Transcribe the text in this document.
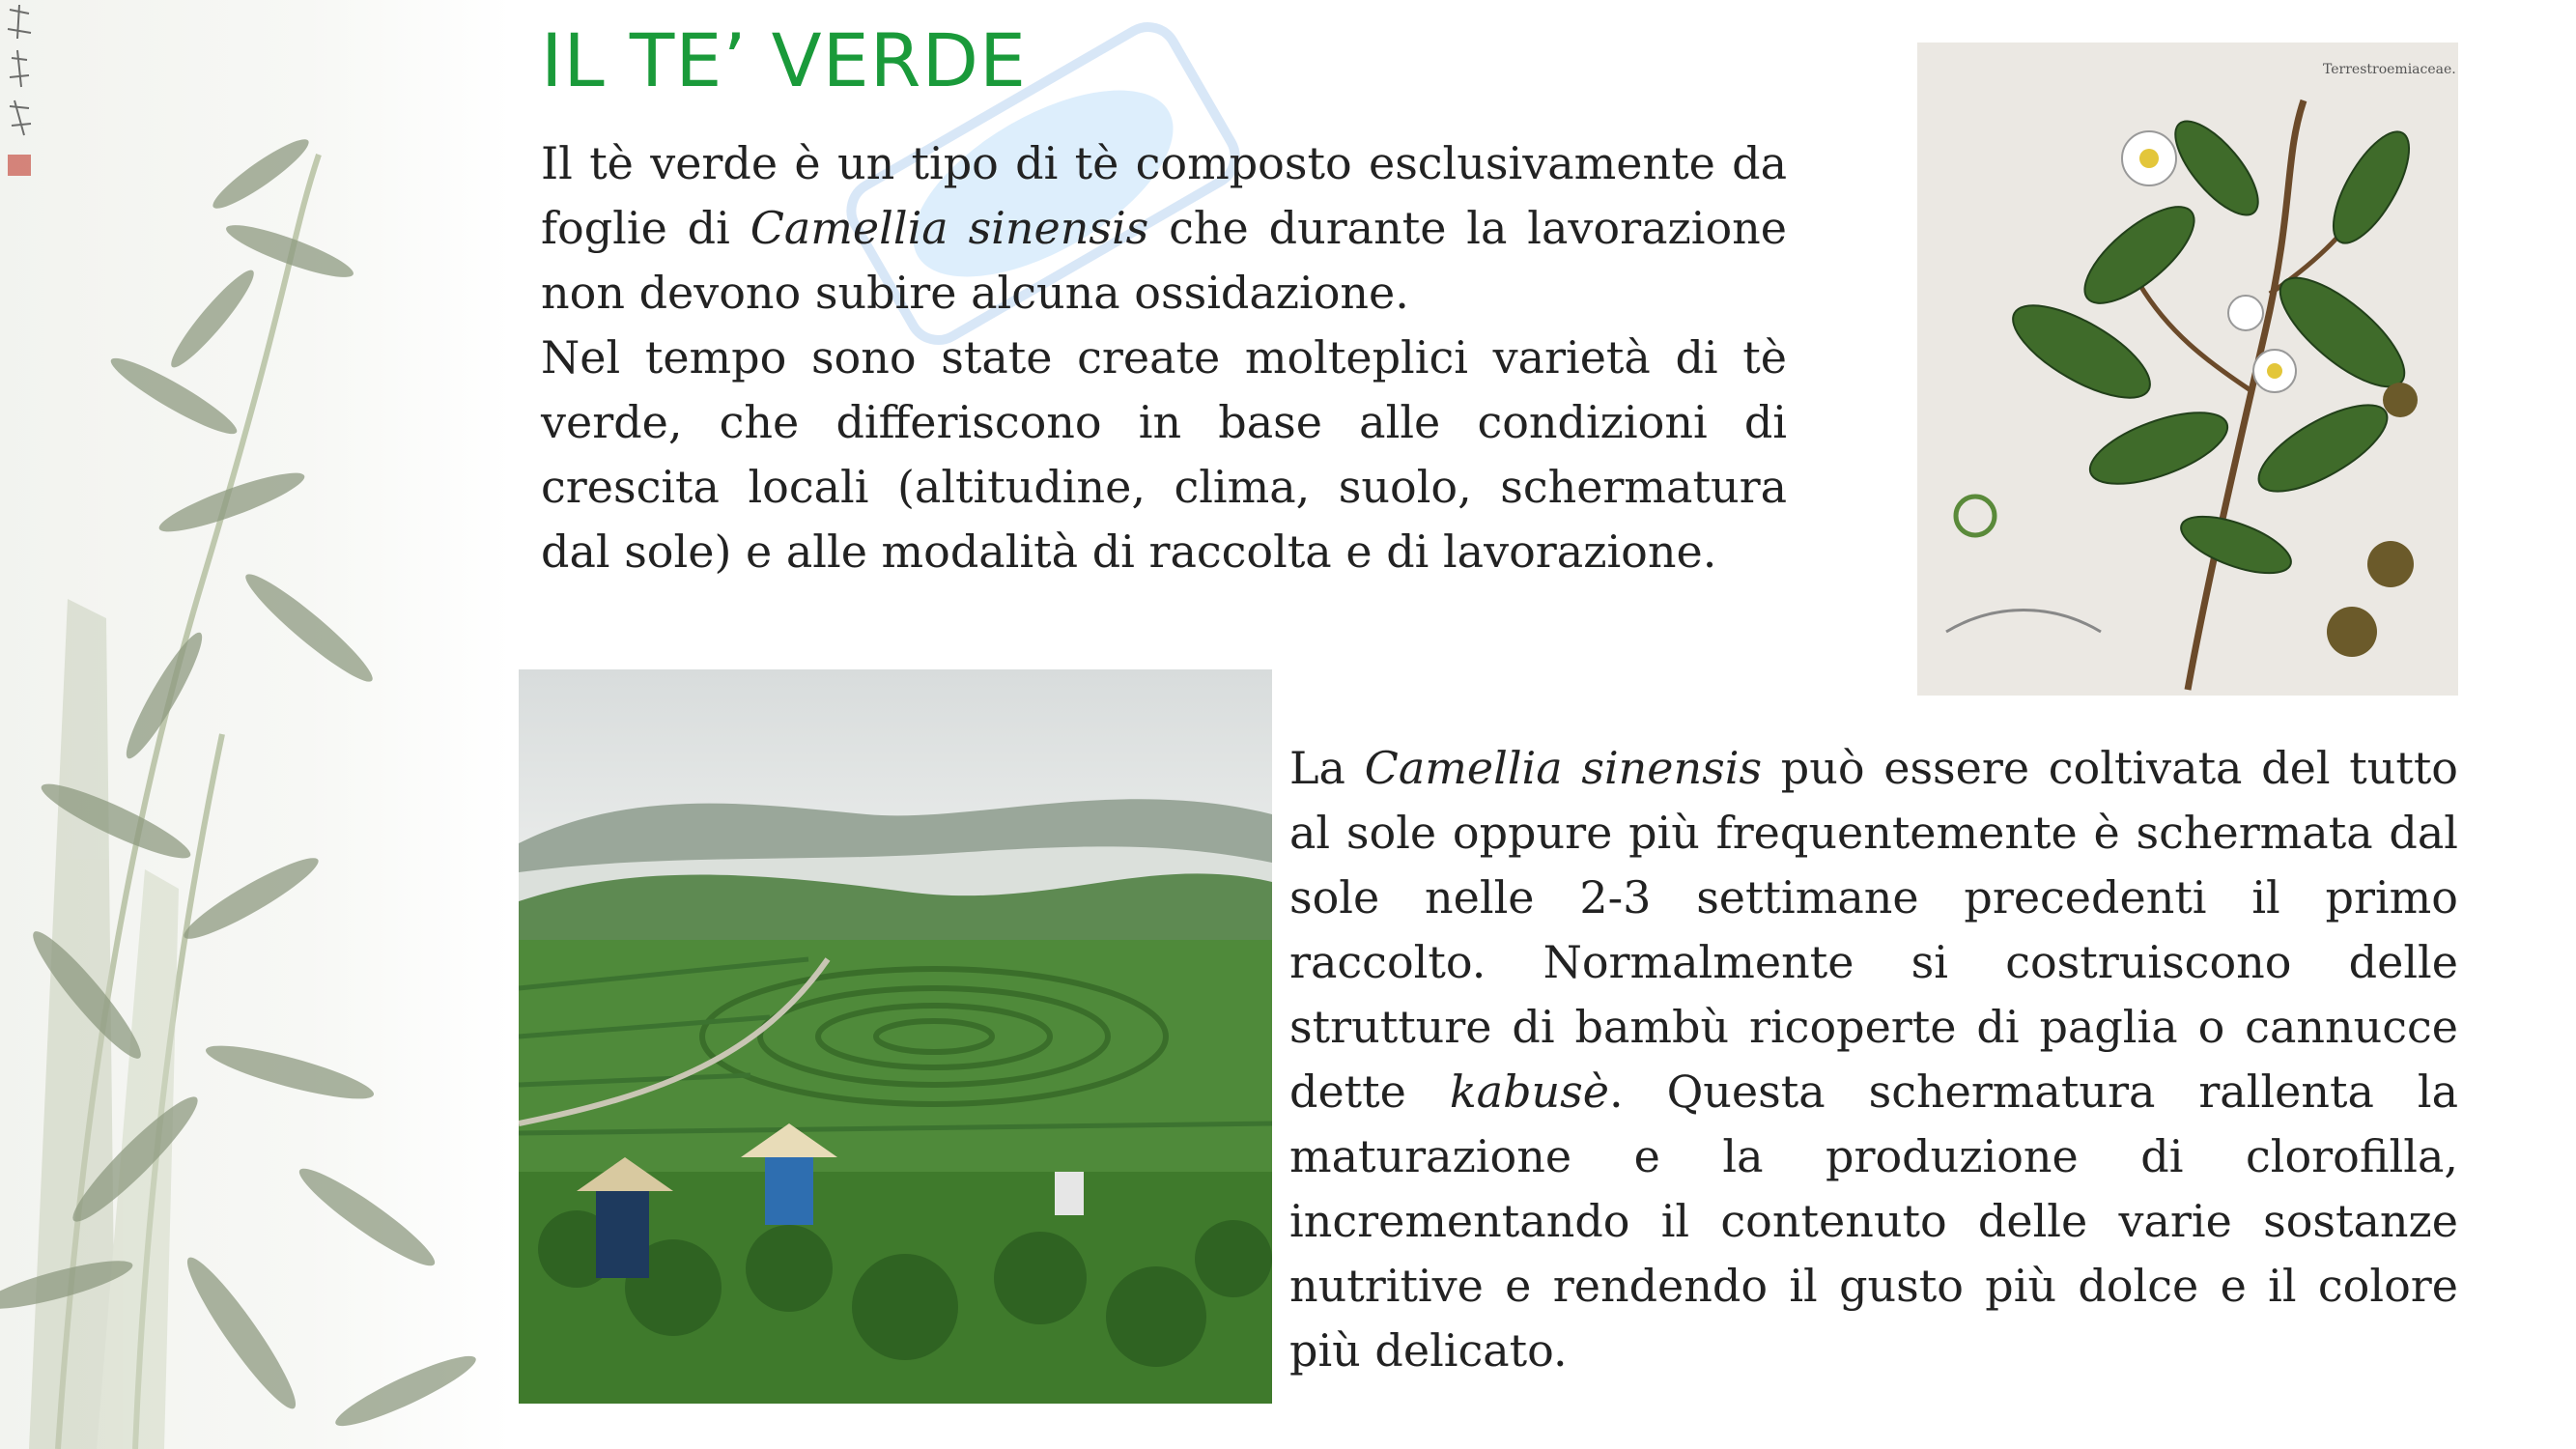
IL TE’ VERDE

Il tè verde è un tipo di tè composto esclusivamente da foglie di Camellia sinensis che durante la lavorazione non devono subire alcuna ossidazione.

Nel tempo sono state create molteplici varietà di tè verde, che differiscono in base alle condizioni di crescita locali (altitudine, clima, suolo, schermatura dal sole) e alle modalità di raccolta e di lavorazione.

Terrestroemiaceae.

La Camellia sinensis può essere coltivata del tutto al sole oppure più frequentemente è schermata dal sole nelle 2-3 settimane precedenti il primo raccolto. Normalmente si costruiscono delle strutture di bambù ricoperte di paglia o cannucce dette kabusè. Questa schermatura rallenta la maturazione e la produzione di clorofilla, incrementando il contenuto delle varie sostanze nutritive e rendendo il gusto più dolce e il colore più delicato.
